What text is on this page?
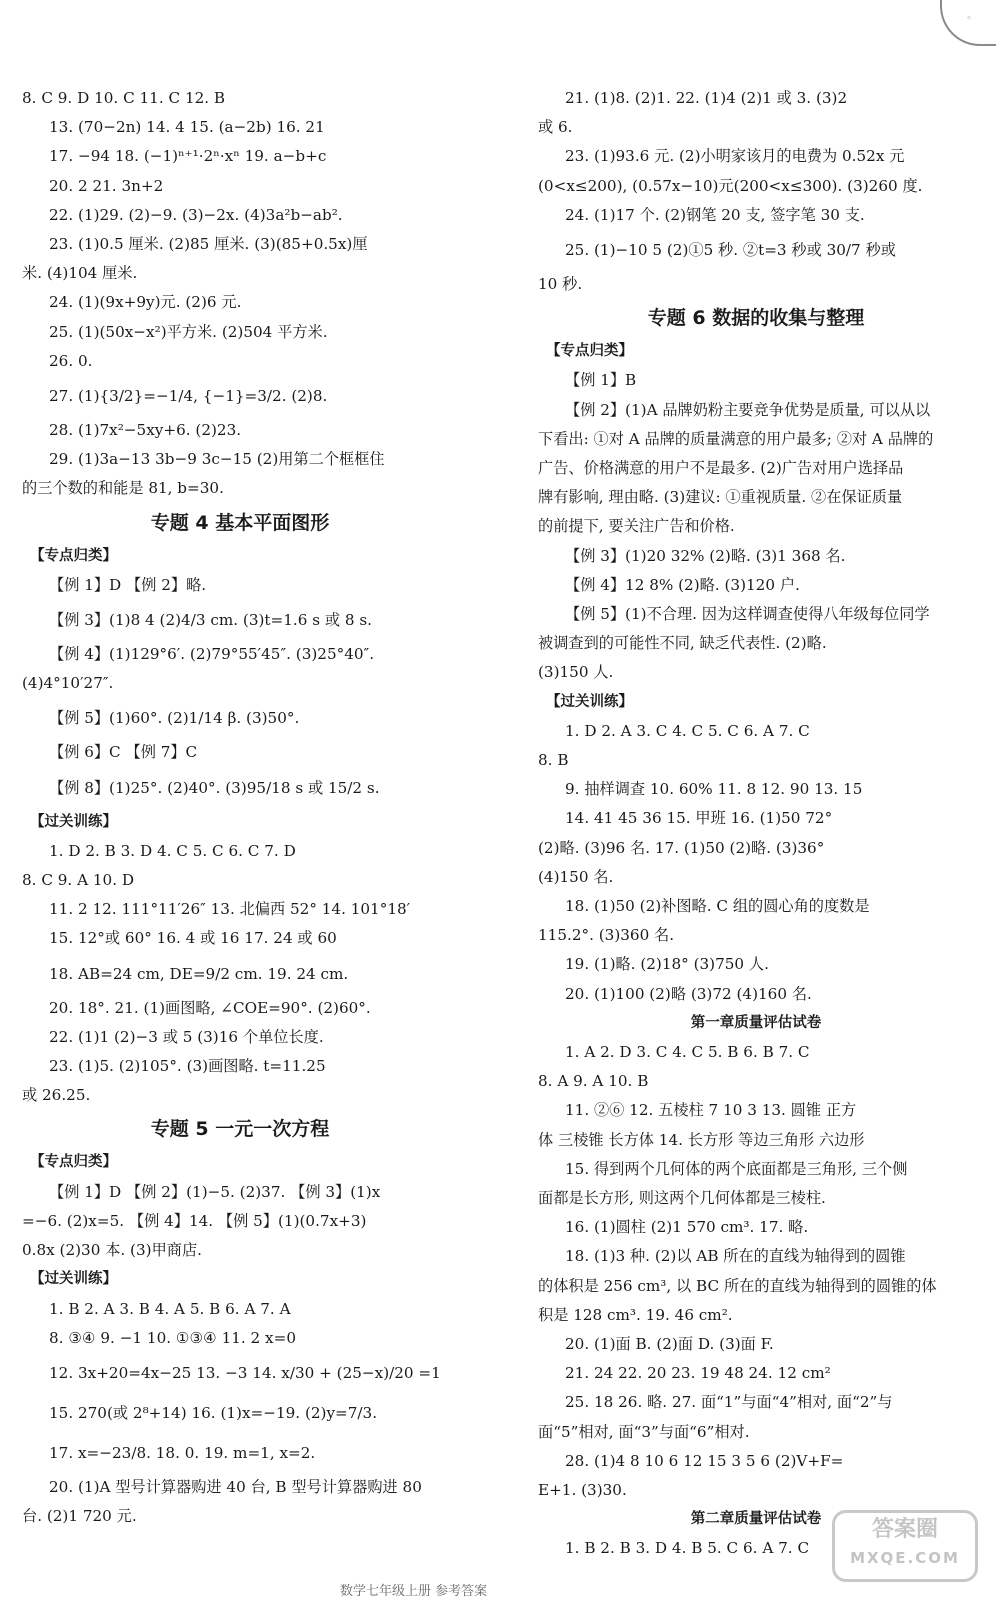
◦
8. C 9. D 10. C 11. C 12. B
13. (70−2n) 14. 4 15. (a−2b) 16. 21
17. −94 18. (−1)ⁿ⁺¹·2ⁿ·xⁿ 19. a−b+c
20. 2 21. 3n+2
22. (1)29. (2)−9. (3)−2x. (4)3a²b−ab².
23. (1)0.5 厘米. (2)85 厘米. (3)(85+0.5x)厘
米. (4)104 厘米.
24. (1)(9x+9y)元. (2)6 元.
25. (1)(50x−x²)平方米. (2)504 平方米.
26. 0.
27. (1){3/2}=−1/4, {−1}=3/2. (2)8.
28. (1)7x²−5xy+6. (2)23.
29. (1)3a−13 3b−9 3c−15 (2)用第二个框框住
的三个数的和能是 81, b=30.
专题 4 基本平面图形
【专点归类】
【例 1】D 【例 2】略.
【例 3】(1)8 4 (2)4/3 cm. (3)t=1.6 s 或 8 s.
【例 4】(1)129°6′. (2)79°55′45″. (3)25°40″.
(4)4°10′27″.
【例 5】(1)60°. (2)1/14 β. (3)50°.
【例 6】C 【例 7】C
【例 8】(1)25°. (2)40°. (3)95/18 s 或 15/2 s.
【过关训练】
1. D 2. B 3. D 4. C 5. C 6. C 7. D
8. C 9. A 10. D
11. 2 12. 111°11′26″ 13. 北偏西 52° 14. 101°18′
15. 12°或 60° 16. 4 或 16 17. 24 或 60
18. AB=24 cm, DE=9/2 cm. 19. 24 cm.
20. 18°. 21. (1)画图略, ∠COE=90°. (2)60°.
22. (1)1 (2)−3 或 5 (3)16 个单位长度.
23. (1)5. (2)105°. (3)画图略. t=11.25
或 26.25.
专题 5 一元一次方程
【专点归类】
【例 1】D 【例 2】(1)−5. (2)37. 【例 3】(1)x
=−6. (2)x=5. 【例 4】14. 【例 5】(1)(0.7x+3)
0.8x (2)30 本. (3)甲商店.
【过关训练】
1. B 2. A 3. B 4. A 5. B 6. A 7. A
8. ③④ 9. −1 10. ①③④ 11. 2 x=0
12. 3x+20=4x−25 13. −3 14. x/30 + (25−x)/20 =1
15. 270(或 2⁸+14) 16. (1)x=−19. (2)y=7/3.
17. x=−23/8. 18. 0. 19. m=1, x=2.
20. (1)A 型号计算器购进 40 台, B 型号计算器购进 80
台. (2)1 720 元.
21. (1)8. (2)1. 22. (1)4 (2)1 或 3. (3)2
或 6.
23. (1)93.6 元. (2)小明家该月的电费为 0.52x 元
(0<x≤200), (0.57x−10)元(200<x≤300). (3)260 度.
24. (1)17 个. (2)钢笔 20 支, 签字笔 30 支.
25. (1)−10 5 (2)①5 秒. ②t=3 秒或 30/7 秒或
10 秒.
专题 6 数据的收集与整理
【专点归类】
【例 1】B
【例 2】(1)A 品牌奶粉主要竞争优势是质量, 可以从以
下看出: ①对 A 品牌的质量满意的用户最多; ②对 A 品牌的
广告、价格满意的用户不是最多. (2)广告对用户选择品
牌有影响, 理由略. (3)建议: ①重视质量. ②在保证质量
的前提下, 要关注广告和价格.
【例 3】(1)20 32% (2)略. (3)1 368 名.
【例 4】12 8% (2)略. (3)120 户.
【例 5】(1)不合理. 因为这样调查使得八年级每位同学
被调查到的可能性不同, 缺乏代表性. (2)略.
(3)150 人.
【过关训练】
1. D 2. A 3. C 4. C 5. C 6. A 7. C
8. B
9. 抽样调查 10. 60% 11. 8 12. 90 13. 15
14. 41 45 36 15. 甲班 16. (1)50 72°
(2)略. (3)96 名. 17. (1)50 (2)略. (3)36°
(4)150 名.
18. (1)50 (2)补图略. C 组的圆心角的度数是
115.2°. (3)360 名.
19. (1)略. (2)18° (3)750 人.
20. (1)100 (2)略 (3)72 (4)160 名.
第一章质量评估试卷
1. A 2. D 3. C 4. C 5. B 6. B 7. C
8. A 9. A 10. B
11. ②⑥ 12. 五棱柱 7 10 3 13. 圆锥 正方
体 三棱锥 长方体 14. 长方形 等边三角形 六边形
15. 得到两个几何体的两个底面都是三角形, 三个侧
面都是长方形, 则这两个几何体都是三棱柱.
16. (1)圆柱 (2)1 570 cm³. 17. 略.
18. (1)3 种. (2)以 AB 所在的直线为轴得到的圆锥
的体积是 256 cm³, 以 BC 所在的直线为轴得到的圆锥的体
积是 128 cm³. 19. 46 cm².
20. (1)面 B. (2)面 D. (3)面 F.
21. 24 22. 20 23. 19 48 24. 12 cm²
25. 18 26. 略. 27. 面“1”与面“4”相对, 面“2”与
面“5”相对, 面“3”与面“6”相对.
28. (1)4 8 10 6 12 15 3 5 6 (2)V+F=
E+1. (3)30.
第二章质量评估试卷
1. B 2. B 3. D 4. B 5. C 6. A 7. C
答案圈
MXQE.COM
数学七年级上册 参考答案
